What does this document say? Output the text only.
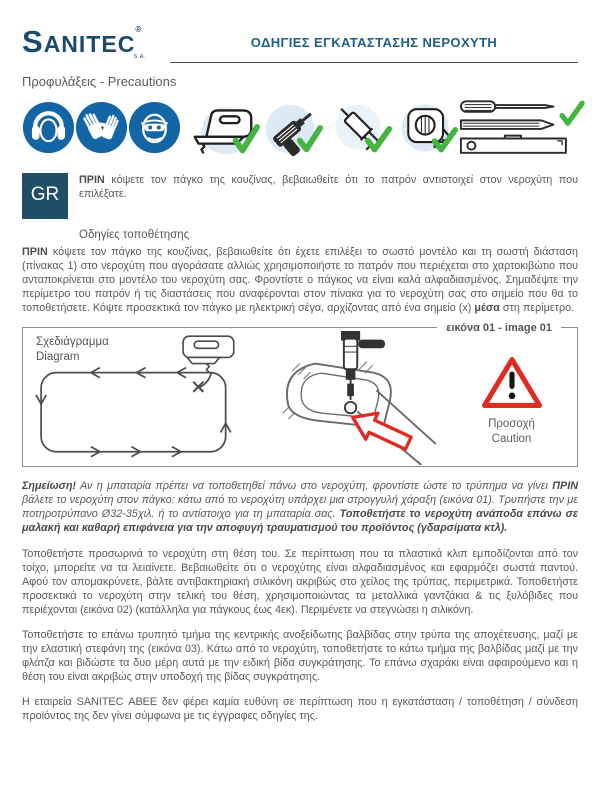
SANITEC®
S.A.
ΟΔΗΓΙΕΣ ΕΓΚΑΤΑΣΤΑΣΗΣ ΝΕΡΟΧΥΤΗ
Προφυλάξεις - Precautions
GR
ΠΡΙΝ κόψετε τον πάγκο της κουζίνας, βεβαιωθείτε ότι το πατρόν αντιστοιχεί στον νεροχύτη που επιλέξατε.
Οδηγίες τοποθέτησης
ΠΡΙΝ κόψετε τον πάγκο της κουζίνας, βεβαιωθείτε ότι έχετε επιλέξει το σωστό μοντέλο και τη σωστή διάσταση (πίνακας 1) στο νεροχύτη που αγοράσατε αλλιώς χρησιμοποιήστε το πατρόν που περιέχεται στο χαρτοκιβώτιο που ανταποκρίνεται στο μοντέλο του νεροχύτη σας. Φροντίστε ο πάγκος να είναι καλά αλφαδιασμένος. Σημαδέψτε την περίμετρο του πατρόν ή τις διαστάσεις που αναφέρονται στον πίνακα για το νεροχύτη σας στο σημείο που θα το τοποθετήσετε. Κόψτε προσεκτικά τον πάγκο με ηλεκτρική σέγα, αρχίζοντας από ένα σημείο (x) μέσα στη περίμετρο.
εικόνα 01 - image 01
Σχεδιάγραμμα
Diagram
Προσοχή
Caution
Σημείωση! Αν η μπαταρία πρέπει να τοποθετηθεί πάνω στο νεροχύτη, φροντίστε ώστε το τρύπημα να γίνει ΠΡΙΝ βάλετε το νεροχύτη στον πάγκο: κάτω από το νεροχύτη υπάρχει μια στρογγυλή χάραξη (εικόνα 01). Τρυπήστε την με ποτηροτρύπανο Ø32-35χιλ. ή το αντίστοιχο για τη μπαταρία σας. Τοποθετήστε το νεροχύτη ανάποδα επάνω σε μαλακή και καθαρή επιφάνεια για την αποφυγή τραυματισμού του προϊόντος (γδαρσίματα κτλ).
Τοποθετήστε προσωρινά το νεροχύτη στη θέση του. Σε περίπτωση που τα πλαστικά κλιπ εμποδίζονται από τον τοίχο, μπορείτε να τα λειαίνετε. Βεβαιωθείτε ότι ο νεροχύτης είναι αλφαδιασμένος και εφαρμόζει σωστά παντού. Αφού τον απομακρύνετε, βάλτε αντιβακτηριακή σιλικόνη ακριβώς στο χείλος της τρύπας, περιμετρικά. Τοποθετήστε προσεκτικά το νεροχύτη στην τελική του θέση, χρησιμοποιώντας τα μεταλλικά γαντζάκια & τις ξυλόβιδες που περιέχονται (εικόνα 02) (κατάλληλα για πάγκους έως 4εκ). Περιμένετε να στεγνώσει η σιλικόνη.
Τοποθετήστε το επάνω τρυπητό τμήμα της κεντρικής ανοξείδωτης βαλβίδας στην τρύπα της αποχέτευσης, μαζί με την ελαστική στεφάνη της (εικόνα 03). Κάτω από το νεροχύτη, τοποθετήστε το κάτω τμήμα της βαλβίδας μαζί με την φλάτζα και βιδώστε τα δυο μέρη αυτά με την ειδική βίδα συγκράτησης. Το επάνω σχαράκι είναι αφαιρούμενο και η θέση του είναι ακριβώς στην υποδοχή της βίδας συγκράτησης.
Η εταιρεία SANITEC ΑΒΕΕ δεν φέρει καμία ευθύνη σε περίπτωση που η εγκατάσταση / τοποθέτηση / σύνδεση προϊόντος της δεν γίνει σύμφωνα με τις έγγραφες οδηγίες της.
